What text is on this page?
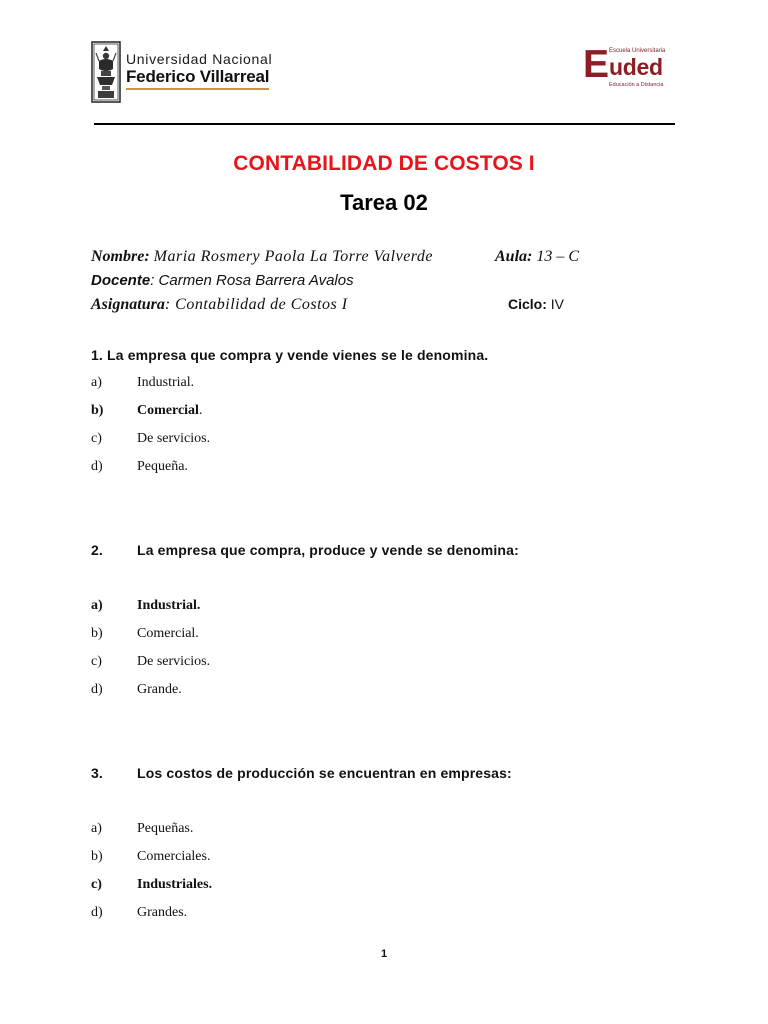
Universidad Nacional
Federico Villarreal	E Escuela Universitaria
uded
Educación a Distancia
CONTABILIDAD DE COSTOS I
Tarea 02
Nombre: Maria Rosmery Paola La Torre Valverde	Aula: 13 – C
Docente: Carmen Rosa Barrera Avalos
Asignatura: Contabilidad de Costos I	Ciclo: IV
1. La empresa que compra y vende vienes se le denomina.
a)	Industrial.
b) Comercial.
c)	De servicios.
d) Pequeña.
2. La empresa que compra, produce y vende se denomina:
a) Industrial.
b) Comercial.
c)	De servicios.
d) Grande.
3. Los costos de producción se encuentran en empresas:
a)	Pequeñas.
b) Comerciales.
c)	Industriales.
d) Grandes.
1
